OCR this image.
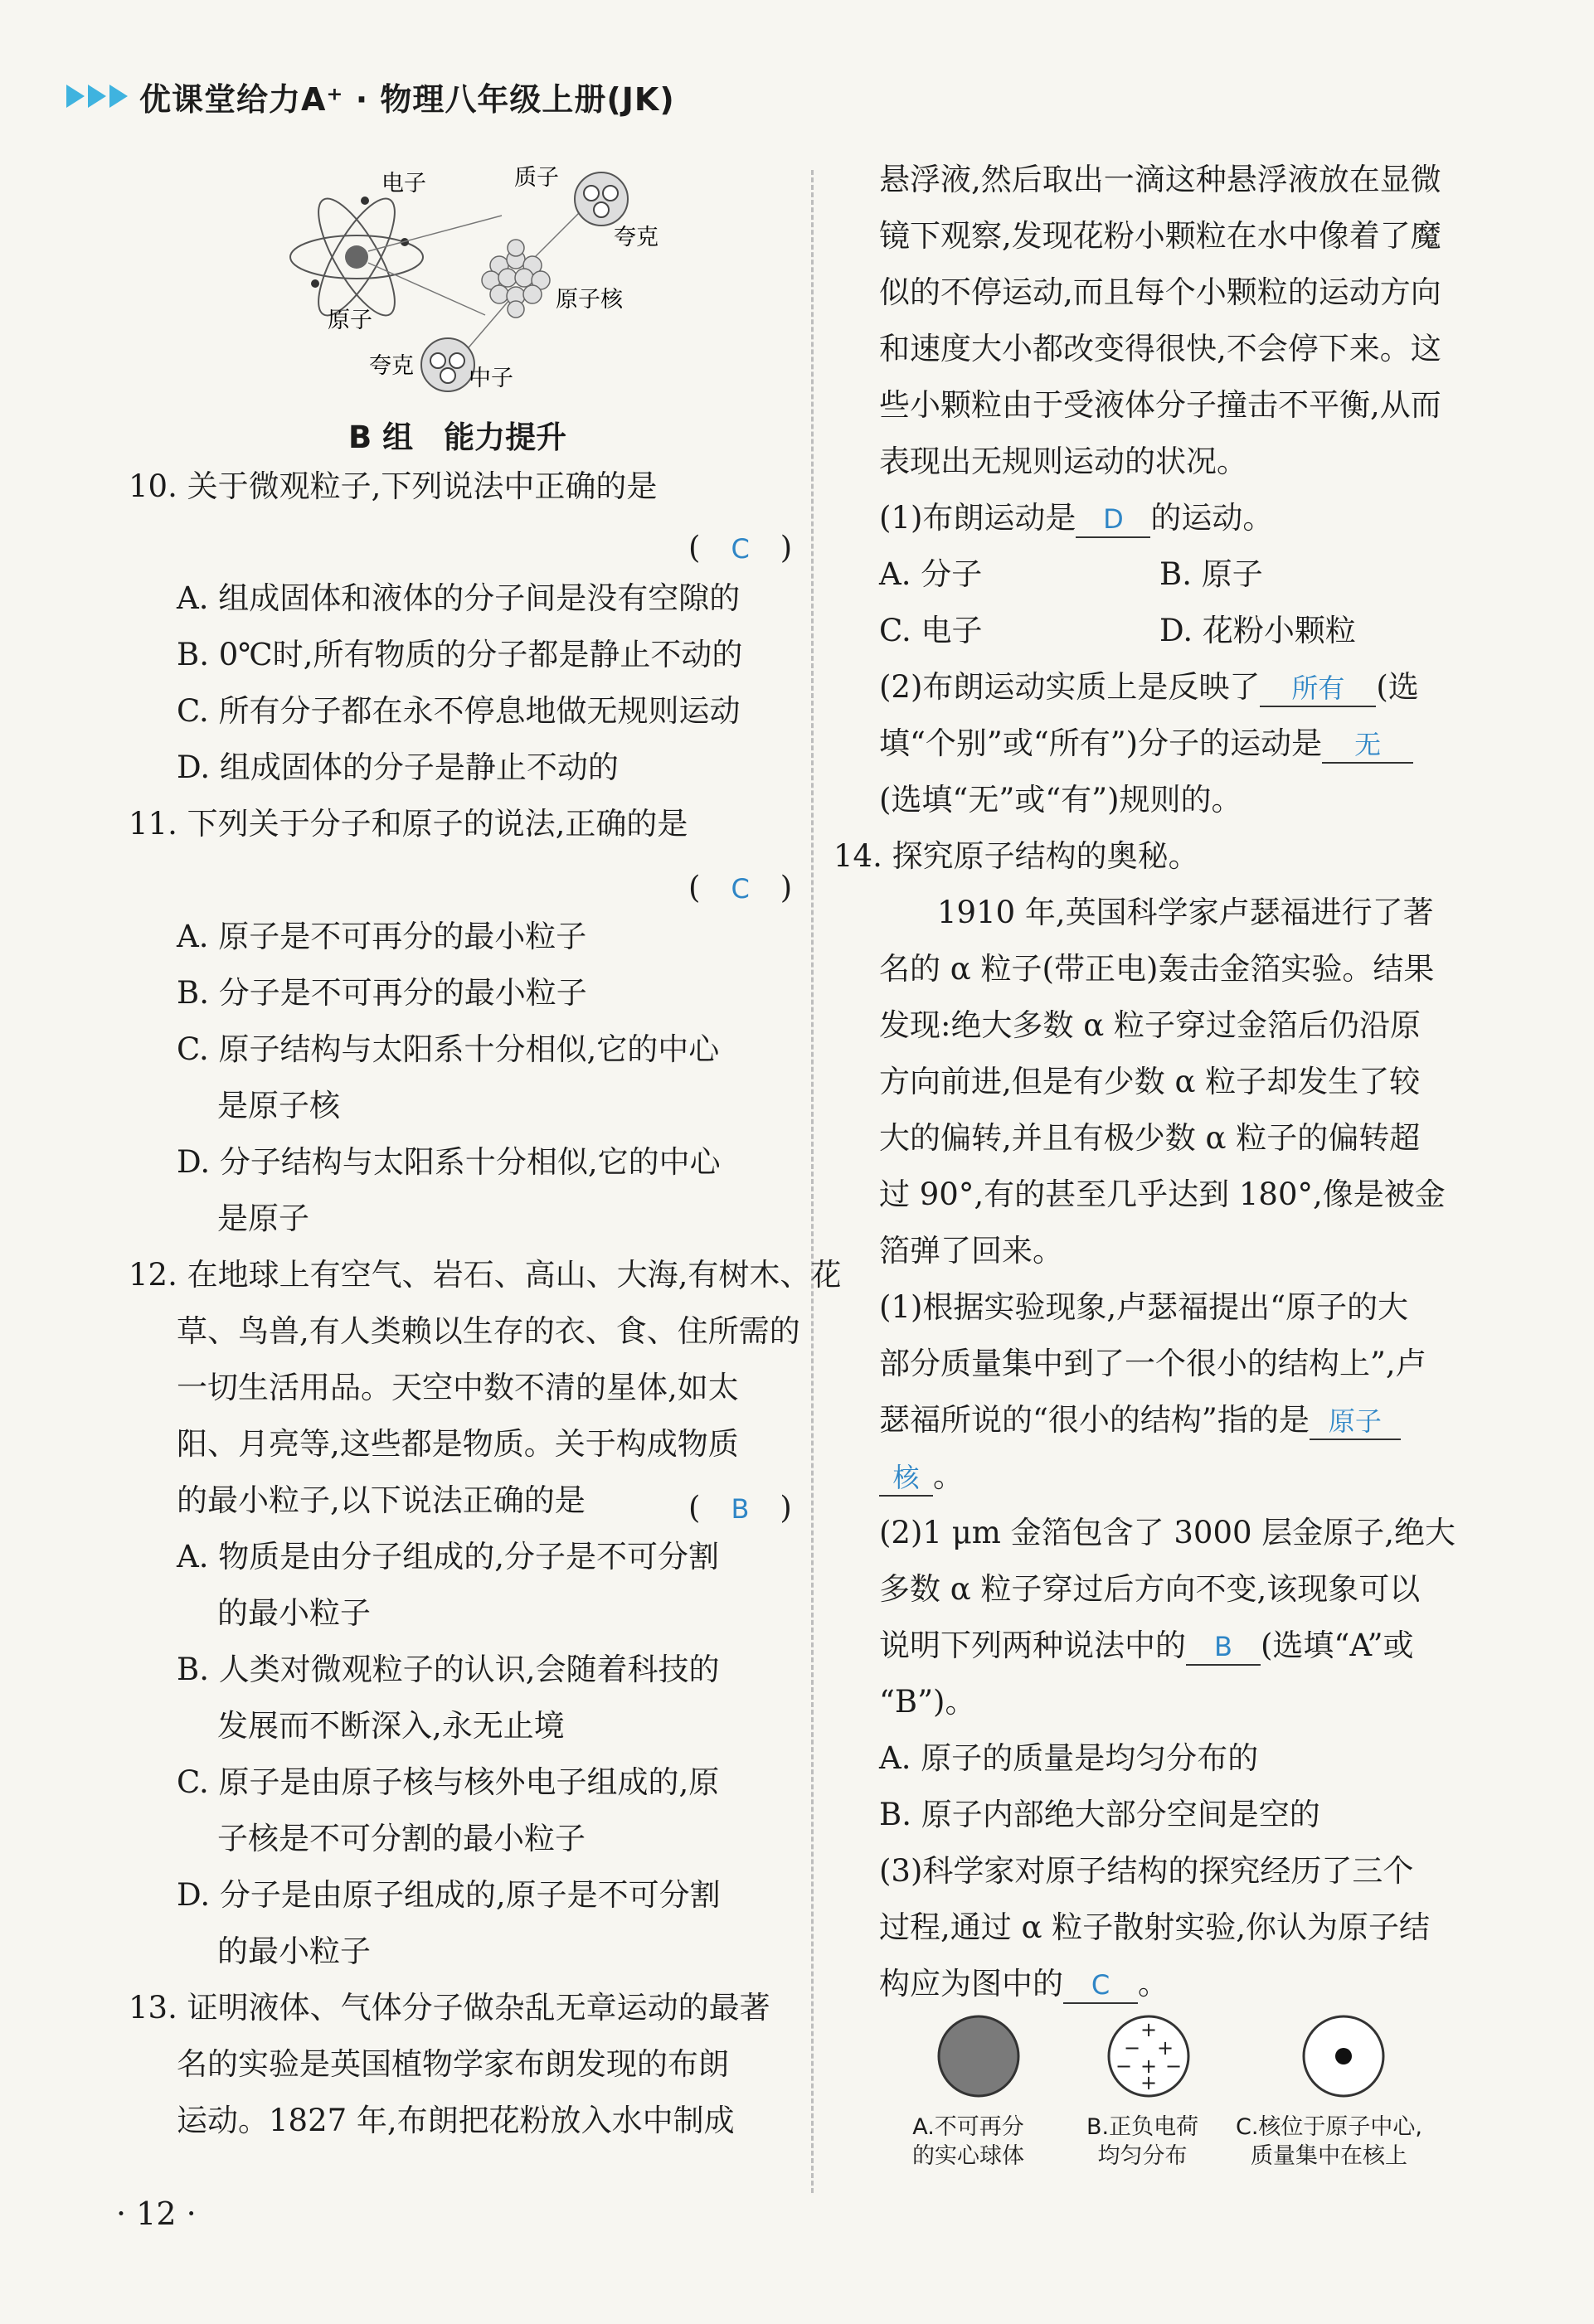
优课堂给力A⁺ · 物理八年级上册(JK)
电子	质子
夸克
原子核
原子
夸克 中子
B 组　能力提升
10. 关于微观粒子,下列说法中正确的是
(　C　)
A. 组成固体和液体的分子间是没有空隙的
B. 0℃时,所有物质的分子都是静止不动的
C. 所有分子都在永不停息地做无规则运动
D. 组成固体的分子是静止不动的
11. 下列关于分子和原子的说法,正确的是
(　C　)
A. 原子是不可再分的最小粒子
B. 分子是不可再分的最小粒子
C. 原子结构与太阳系十分相似,它的中心
是原子核
D. 分子结构与太阳系十分相似,它的中心
是原子
12. 在地球上有空气、岩石、高山、大海,有树木、花
草、鸟兽,有人类赖以生存的衣、食、住所需的
一切生活用品。天空中数不清的星体,如太
阳、月亮等,这些都是物质。关于构成物质
的最小粒子,以下说法正确的是	(　B　)
A. 物质是由分子组成的,分子是不可分割
的最小粒子
B. 人类对微观粒子的认识,会随着科技的
发展而不断深入,永无止境
C. 原子是由原子核与核外电子组成的,原
子核是不可分割的最小粒子
D. 分子是由原子组成的,原子是不可分割
的最小粒子
13. 证明液体、气体分子做杂乱无章运动的最著
名的实验是英国植物学家布朗发现的布朗
运动。1827 年,布朗把花粉放入水中制成
· 12 ·
悬浮液,然后取出一滴这种悬浮液放在显微
镜下观察,发现花粉小颗粒在水中像着了魔
似的不停运动,而且每个小颗粒的运动方向
和速度大小都改变得很快,不会停下来。这
些小颗粒由于受液体分子撞击不平衡,从而
表现出无规则运动的状况。
(1)布朗运动是 D 的运动。
A. 分子	B. 原子
C. 电子	D. 花粉小颗粒
(2)布朗运动实质上是反映了 所有 (选
填“个别”或“所有”)分子的运动是 无
(选填“无”或“有”)规则的。
14. 探究原子结构的奥秘。
1910 年,英国科学家卢瑟福进行了著
名的 α 粒子(带正电)轰击金箔实验。结果
发现:绝大多数 α 粒子穿过金箔后仍沿原
方向前进,但是有少数 α 粒子却发生了较
大的偏转,并且有极少数 α 粒子的偏转超
过 90°,有的甚至几乎达到 180°,像是被金
箔弹了回来。
(1)根据实验现象,卢瑟福提出“原子的大
部分质量集中到了一个很小的结构上”,卢
瑟福所说的“很小的结构”指的是 原子
核 。
(2)1 μm 金箔包含了 3000 层金原子,绝大
多数 α 粒子穿过后方向不变,该现象可以
说明下列两种说法中的 B (选填“A”或
“B”)。
A. 原子的质量是均匀分布的
B. 原子内部绝大部分空间是空的
(3)科学家对原子结构的探究经历了三个
过程,通过 α 粒子散射实验,你认为原子结
构应为图中的 C 。
+
− +
− + −
+
A.不可再分
的实心球体
B.正负电荷
均匀分布
C.核位于原子中心,
质量集中在核上
